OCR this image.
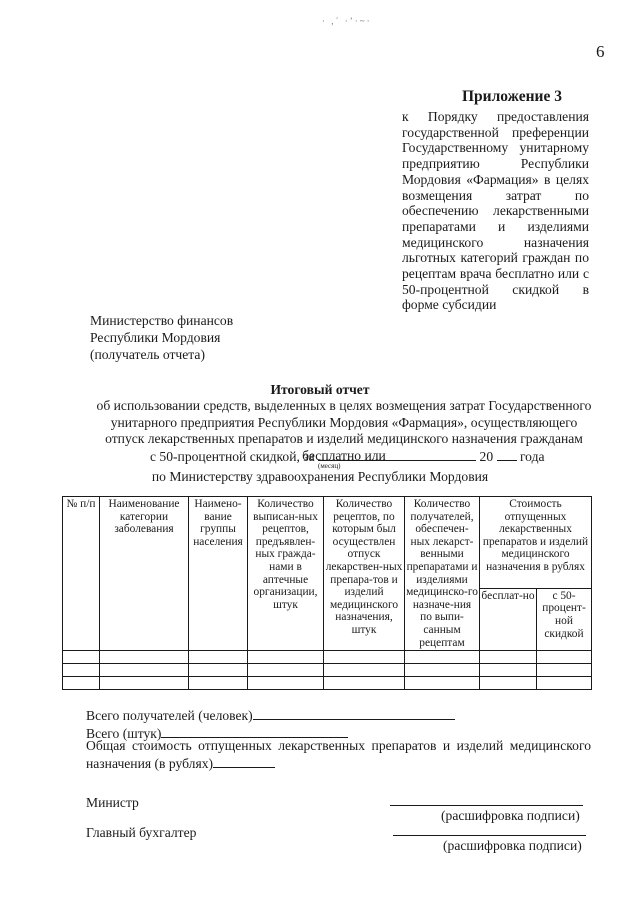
· ,´ ·ʼ·~·
6
Приложение 3
к Порядку предоставления государственной преференции Государственному унитарному предприятию Республики Мордовия «Фармация» в целях возмещения затрат по обеспечению лекарственными препаратами и изделиями медицинского назначения льготных категорий граждан по рецептам врача бесплатно или с 50-процентной скидкой в форме субсидии
Министерство финансов
Республики Мордовия
(получатель отчета)
Итоговый отчет
об использовании средств, выделенных в целях возмещения затрат Государственного унитарного предприятия Республики Мордовия «Фармация», осуществляющего отпуск лекарственных препаратов и изделий медицинского назначения гражданам бесплатно или
с 50-процентной скидкой, за	20 года
(месяц)
по Министерству здравоохранения Республики Мордовия
№ п/п	Наименование категории заболевания	Наимено-вание группы населения	Количество выписан-ных рецептов, предъявлен-ных гражда-нами в аптечные организации, штук	Количество рецептов, по которым был осуществлен отпуск лекарствен-ных препара-тов и изделий медицинского назначения, штук	Количество получателей, обеспечен-ных лекарст-венными препаратами и изделиями медицинско-го назначе-ния по выпи-санным рецептам	Стоимость отпущенных лекарственных препаратов и изделий медицинского назначения в рублях	
						бесплат-но	с 50-процент-ной скидкой

Всего получателей (человек)
Всего (штук)
Общая стоимость отпущенных лекарственных препаратов и изделий медицинского
назначения (в рублях)
Министр
(расшифровка подписи)
Главный бухгалтер
(расшифровка подписи)
